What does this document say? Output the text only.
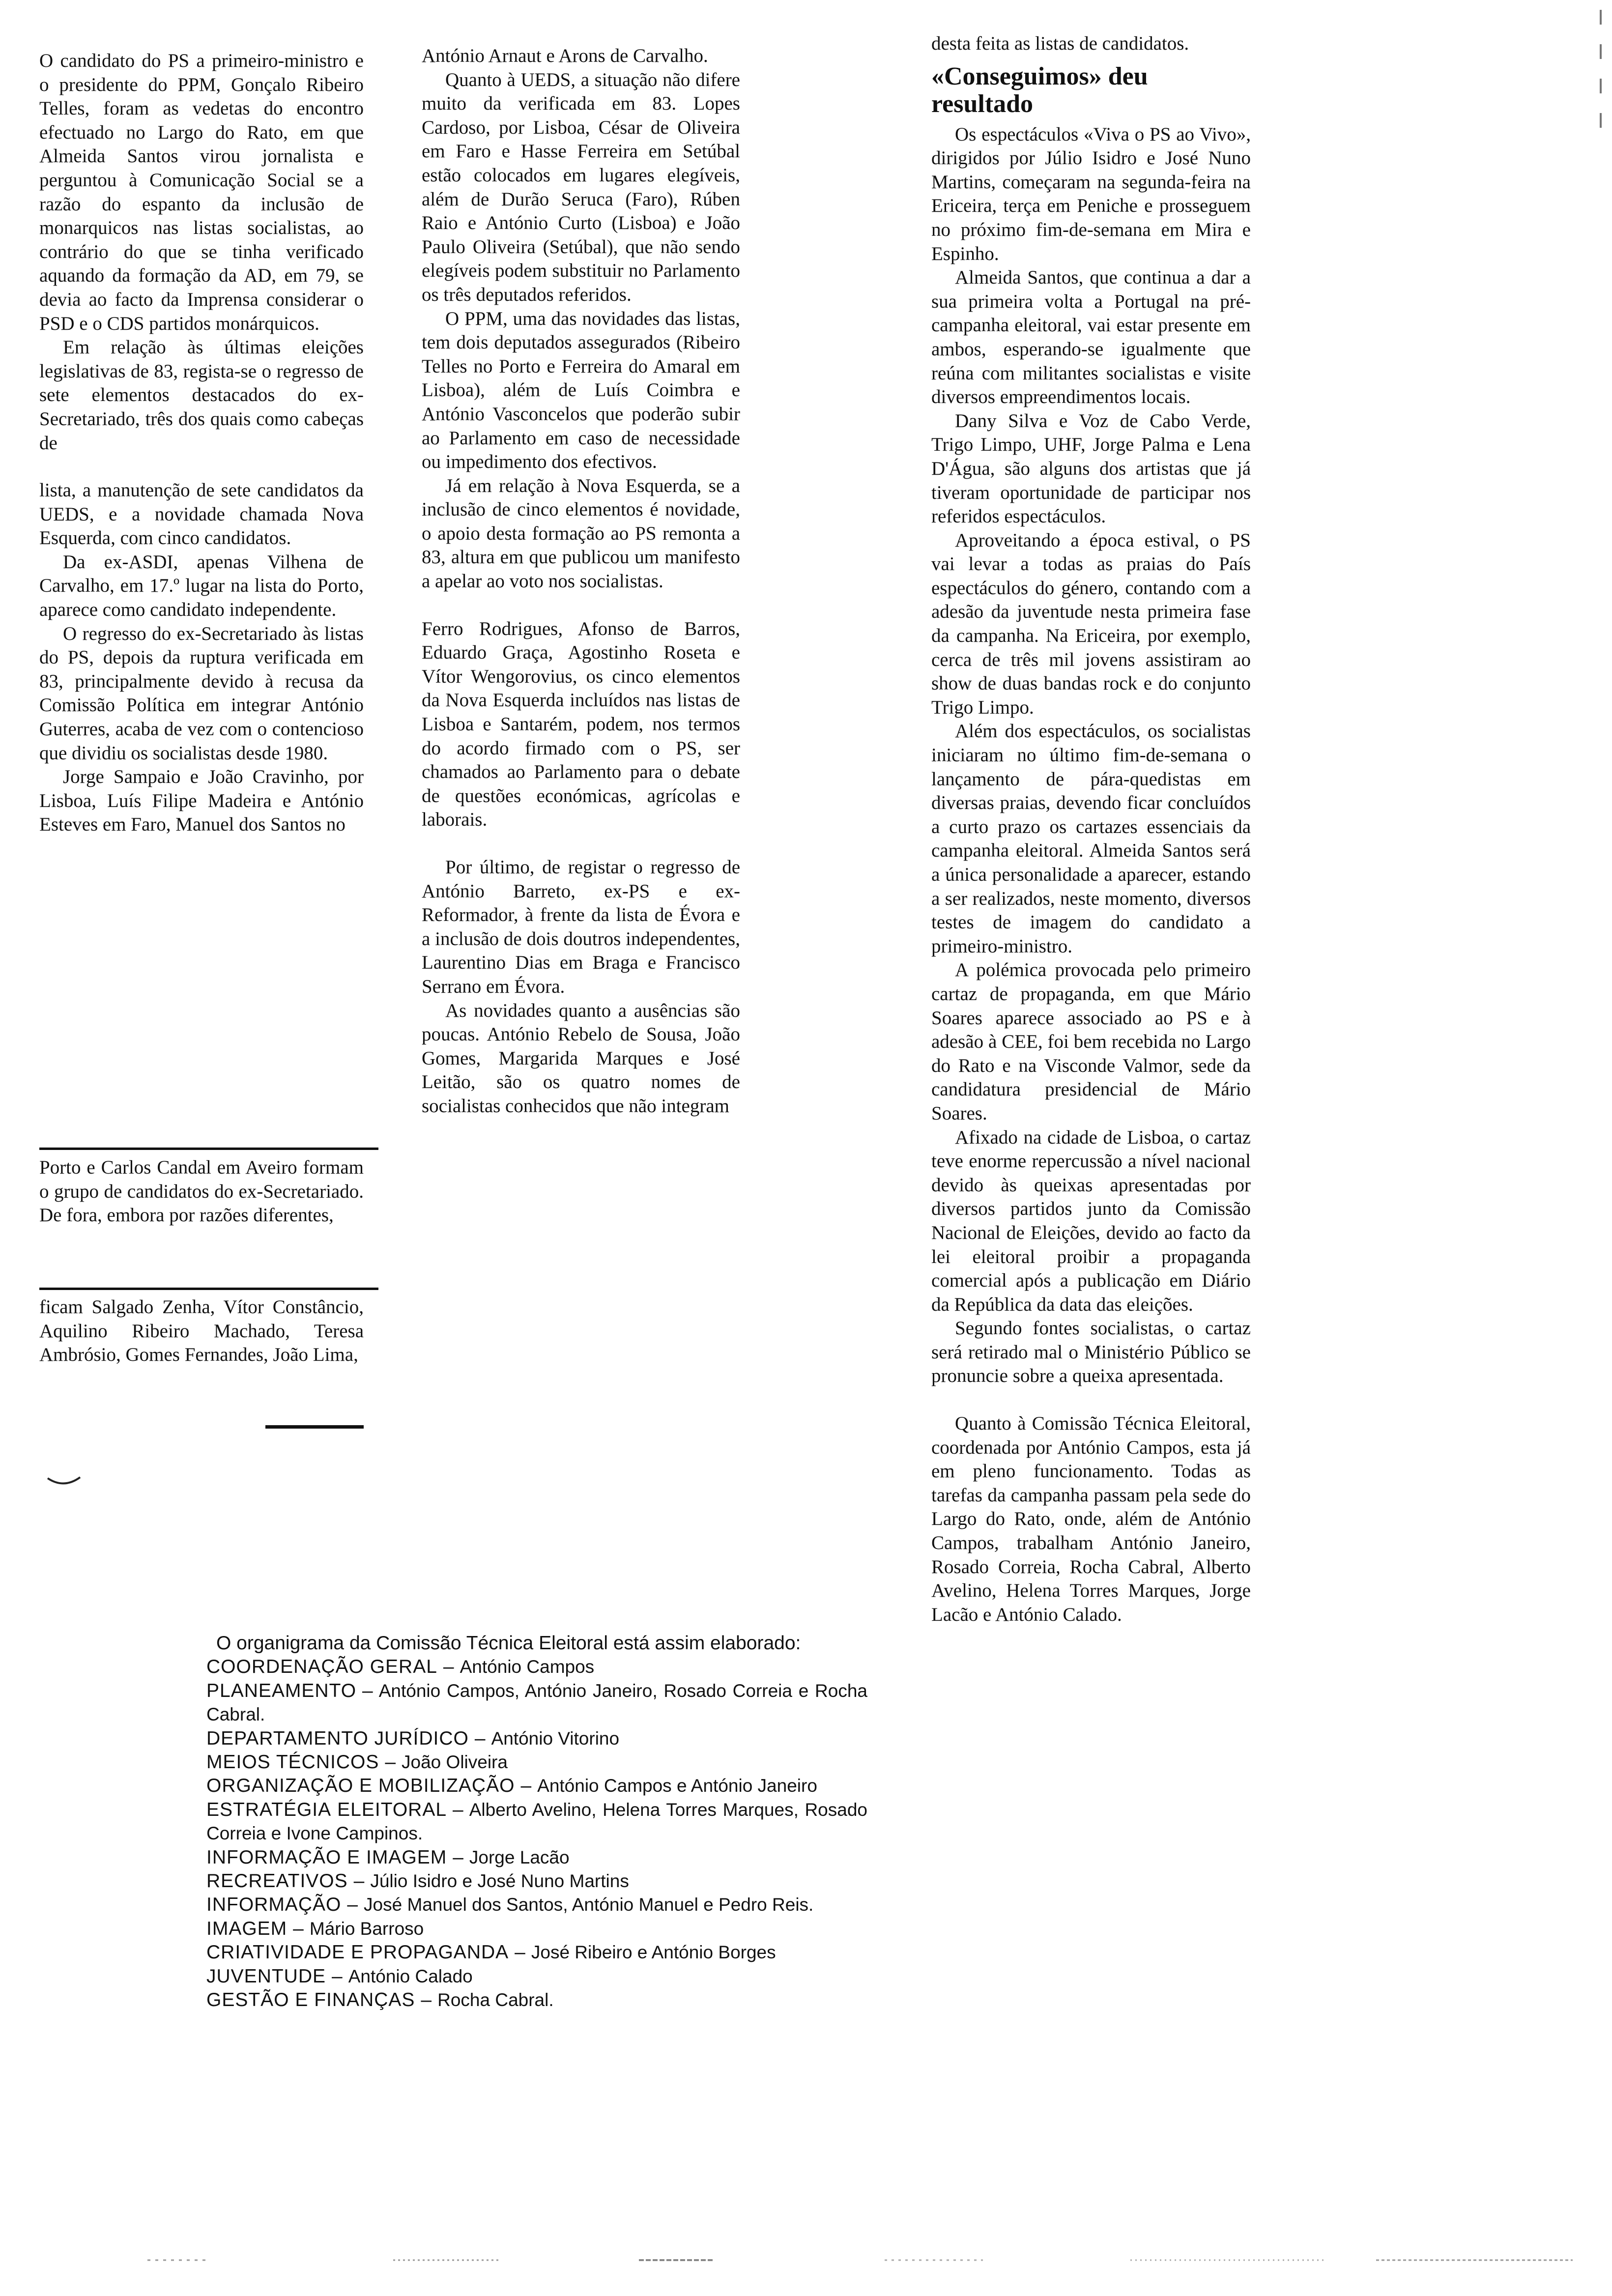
O candidato do PS a primeiro-ministro e o presidente do PPM, Gonçalo Ribeiro Telles, foram as vedetas do encontro efectuado no Largo do Rato, em que Almeida Santos virou jornalista e perguntou à Comunicação Social se a razão do espanto da inclusão de monarquicos nas listas socialistas, ao contrário do que se tinha verificado aquando da formação da AD, em 79, se devia ao facto da Imprensa considerar o PSD e o CDS partidos monárquicos.

Em relação às últimas eleições legislativas de 83, regista-se o regresso de sete elementos destacados do ex-Secretariado, três dos quais como cabeças de

lista, a manutenção de sete candidatos da UEDS, e a novidade chamada Nova Esquerda, com cinco candidatos.

Da ex-ASDI, apenas Vilhena de Carvalho, em 17.º lugar na lista do Porto, aparece como candidato independente.

O regresso do ex-Secretariado às listas do PS, depois da ruptura verificada em 83, principalmente devido à recusa da Comissão Política em integrar António Guterres, acaba de vez com o contencioso que dividiu os socialistas desde 1980.

Jorge Sampaio e João Cravinho, por Lisboa, Luís Filipe Madeira e António Esteves em Faro, Manuel dos Santos no

Porto e Carlos Candal em Aveiro formam o grupo de candidatos do ex-Secretariado. De fora, embora por razões diferentes,

ficam Salgado Zenha, Vítor Constâncio, Aquilino Ribeiro Machado, Teresa Ambrósio, Gomes Fernandes, João Lima,

António Arnaut e Arons de Carvalho.

Quanto à UEDS, a situação não difere muito da verificada em 83. Lopes Cardoso, por Lisboa, César de Oliveira em Faro e Hasse Ferreira em Setúbal estão colocados em lugares elegíveis, além de Durão Seruca (Faro), Rúben Raio e António Curto (Lisboa) e João Paulo Oliveira (Setúbal), que não sendo elegíveis podem substituir no Parlamento os três deputados referidos.

O PPM, uma das novidades das listas, tem dois deputados assegurados (Ribeiro Telles no Porto e Ferreira do Amaral em Lisboa), além de Luís Coimbra e António Vasconcelos que poderão subir ao Parlamento em caso de necessidade ou impedimento dos efectivos.

Já em relação à Nova Esquerda, se a inclusão de cinco elementos é novidade, o apoio desta formação ao PS remonta a 83, altura em que publicou um manifesto a apelar ao voto nos socialistas.

Ferro Rodrigues, Afonso de Barros, Eduardo Graça, Agostinho Roseta e Vítor Wengorovius, os cinco elementos da Nova Esquerda incluídos nas listas de Lisboa e Santarém, podem, nos termos do acordo firmado com o PS, ser chamados ao Parlamento para o debate de questões económicas, agrícolas e laborais.

Por último, de registar o regresso de António Barreto, ex-PS e ex-Reformador, à frente da lista de Évora e a inclusão de dois doutros independentes, Laurentino Dias em Braga e Francisco Serrano em Évora.

As novidades quanto a ausências são poucas. António Rebelo de Sousa, João Gomes, Margarida Marques e José Leitão, são os quatro nomes de socialistas conhecidos que não integram

desta feita as listas de candidatos.

«Conseguimos» deu resultado

Os espectáculos «Viva o PS ao Vivo», dirigidos por Júlio Isidro e José Nuno Martins, começaram na segunda-feira na Ericeira, terça em Peniche e prosseguem no próximo fim-de-semana em Mira e Espinho.

Almeida Santos, que continua a dar a sua primeira volta a Portugal na pré-campanha eleitoral, vai estar presente em ambos, esperando-se igualmente que reúna com militantes socialistas e visite diversos empreendimentos locais.

Dany Silva e Voz de Cabo Verde, Trigo Limpo, UHF, Jorge Palma e Lena D'Água, são alguns dos artistas que já tiveram oportunidade de participar nos referidos espectáculos.

Aproveitando a época estival, o PS vai levar a todas as praias do País espectáculos do género, contando com a adesão da juventude nesta primeira fase da campanha. Na Ericeira, por exemplo, cerca de três mil jovens assistiram ao show de duas bandas rock e do conjunto Trigo Limpo.

Além dos espectáculos, os socialistas iniciaram no último fim-de-semana o lançamento de pára-quedistas em diversas praias, devendo ficar concluídos a curto prazo os cartazes essenciais da campanha eleitoral. Almeida Santos será a única personalidade a aparecer, estando a ser realizados, neste momento, diversos testes de imagem do candidato a primeiro-ministro.

A polémica provocada pelo primeiro cartaz de propaganda, em que Mário Soares aparece associado ao PS e à adesão à CEE, foi bem recebida no Largo do Rato e na Visconde Valmor, sede da candidatura presidencial de Mário Soares.

Afixado na cidade de Lisboa, o cartaz teve enorme repercussão a nível nacional devido às queixas apresentadas por diversos partidos junto da Comissão Nacional de Eleições, devido ao facto da lei eleitoral proibir a propaganda comercial após a publicação em Diário da República da data das eleições.

Segundo fontes socialistas, o cartaz será retirado mal o Ministério Público se pronuncie sobre a queixa apresentada.

Quanto à Comissão Técnica Eleitoral, coordenada por António Campos, esta já em pleno funcionamento. Todas as tarefas da campanha passam pela sede do Largo do Rato, onde, além de António Campos, trabalham António Janeiro, Rosado Correia, Rocha Cabral, Alberto Avelino, Helena Torres Marques, Jorge Lacão e António Calado.

O organigrama da Comissão Técnica Eleitoral está assim elaborado:

COORDENAÇÃO GERAL – António Campos

PLANEAMENTO – António Campos, António Janeiro, Rosado Correia e Rocha Cabral.

DEPARTAMENTO JURÍDICO – António Vitorino

MEIOS TÉCNICOS – João Oliveira

ORGANIZAÇÃO E MOBILIZAÇÃO – António Campos e António Janeiro

ESTRATÉGIA ELEITORAL – Alberto Avelino, Helena Torres Marques, Rosado Correia e Ivone Campinos.

INFORMAÇÃO E IMAGEM – Jorge Lacão

RECREATIVOS – Júlio Isidro e José Nuno Martins

INFORMAÇÃO – José Manuel dos Santos, António Manuel e Pedro Reis.

IMAGEM – Mário Barroso

CRIATIVIDADE E PROPAGANDA – José Ribeiro e António Borges

JUVENTUDE – António Calado

GESTÃO E FINANÇAS – Rocha Cabral.
